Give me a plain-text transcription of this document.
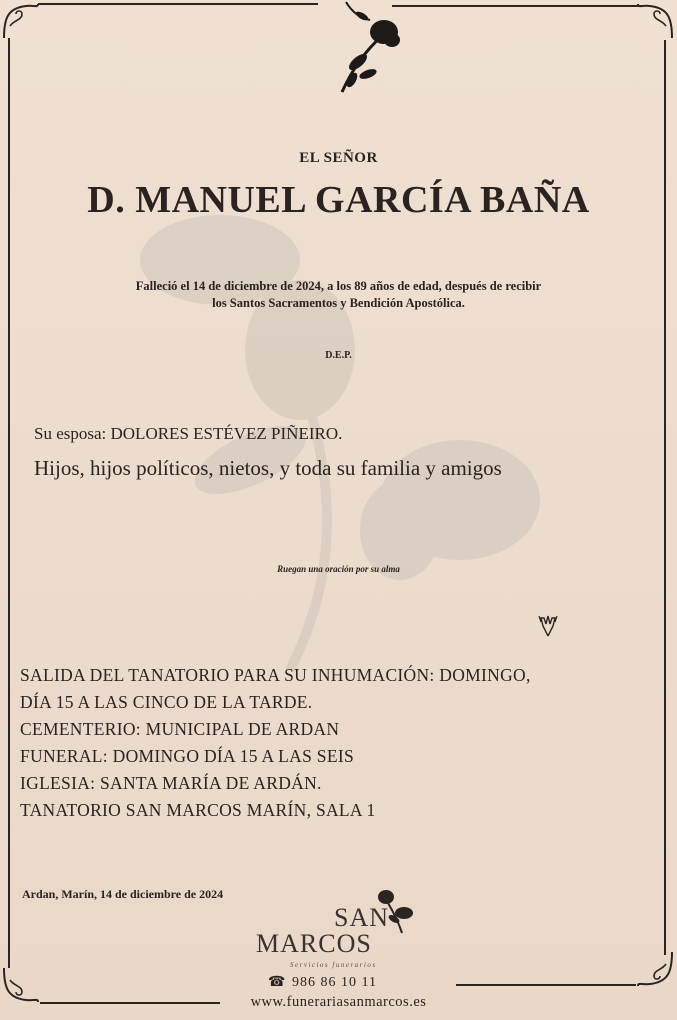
EL SEÑOR
D. MANUEL GARCÍA BAÑA
Falleció el 14 de diciembre de 2024, a los 89 años de edad, después de recibir
los Santos Sacramentos y Bendición Apostólica.
D.E.P.
Su esposa: DOLORES ESTÉVEZ PIÑEIRO.
Hijos, hijos políticos, nietos, y toda su familia y amigos
Ruegan una oración por su alma
SALIDA DEL TANATORIO PARA SU INHUMACIÓN: DOMINGO,
DÍA 15 A LAS CINCO DE LA TARDE.
CEMENTERIO: MUNICIPAL DE ARDAN
FUNERAL: DOMINGO DÍA 15 A LAS SEIS
IGLESIA: SANTA MARÍA DE ARDÁN.
TANATORIO SAN MARCOS MARÍN, SALA 1
Ardan, Marín, 14 de diciembre de 2024
SAN
MARCOS
Servicios funerarios
☎ 986 86 10 11
www.funerariasanmarcos.es
